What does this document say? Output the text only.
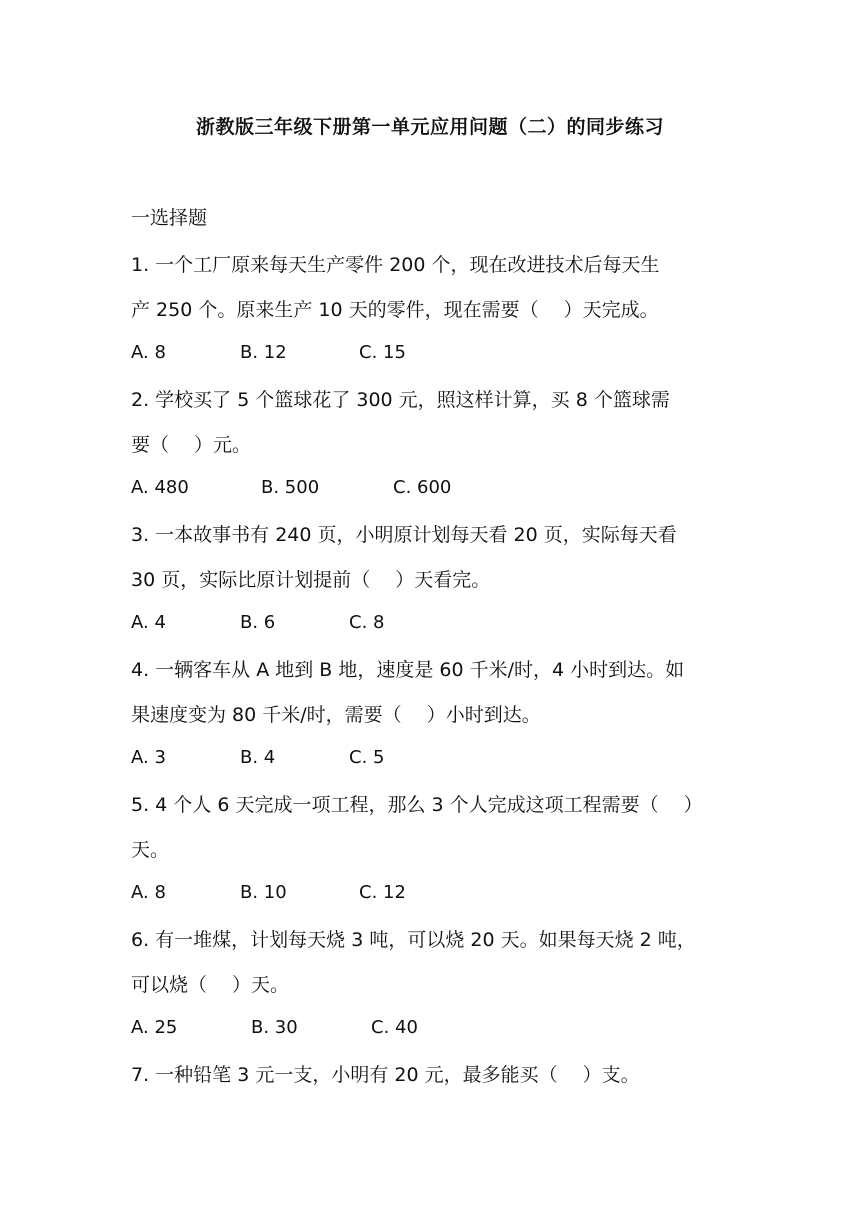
浙教版三年级下册第一单元应用问题（二）的同步练习
一选择题
1. 一个工厂原来每天生产零件 200 个，现在改进技术后每天生
产 250 个。原来生产 10 天的零件，现在需要（　 ）天完成。
A. 8	B. 12	C. 15
2. 学校买了 5 个篮球花了 300 元，照这样计算，买 8 个篮球需
要（　 ）元。
A. 480	B. 500	C. 600
3. 一本故事书有 240 页，小明原计划每天看 20 页，实际每天看
30 页，实际比原计划提前（　 ）天看完。
A. 4	B. 6	C. 8
4. 一辆客车从 A 地到 B 地，速度是 60 千米/时，4 小时到达。如
果速度变为 80 千米/时，需要（　 ）小时到达。
A. 3	B. 4	C. 5
5. 4 个人 6 天完成一项工程，那么 3 个人完成这项工程需要（　 ）
天。
A. 8	B. 10	C. 12
6. 有一堆煤，计划每天烧 3 吨，可以烧 20 天。如果每天烧 2 吨，
可以烧（　 ）天。
A. 25	B. 30	C. 40
7. 一种铅笔 3 元一支，小明有 20 元，最多能买（　 ）支。
